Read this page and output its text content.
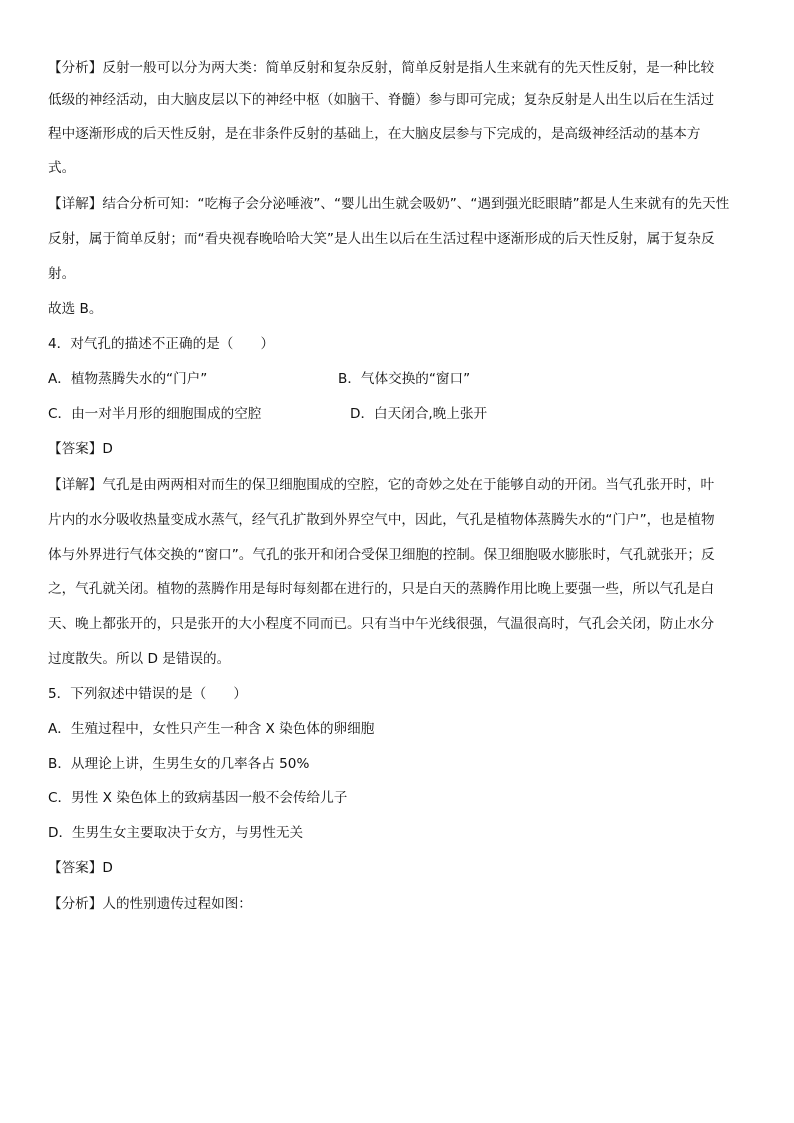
【分析】反射一般可以分为两大类：简单反射和复杂反射，简单反射是指人生来就有的先天性反射，是一种比较
低级的神经活动，由大脑皮层以下的神经中枢（如脑干、脊髓）参与即可完成；复杂反射是人出生以后在生活过
程中逐渐形成的后天性反射，是在非条件反射的基础上，在大脑皮层参与下完成的，是高级神经活动的基本方
式。
【详解】结合分析可知：“吃梅子会分泌唾液”、“婴儿出生就会吸奶”、“遇到强光眨眼睛”都是人生来就有的先天性
反射，属于简单反射；而“看央视春晚哈哈大笑”是人出生以后在生活过程中逐渐形成的后天性反射，属于复杂反
射。
故选 B。
4．对气孔的描述不正确的是（　　）
A．植物蒸腾失水的“门户”	B．气体交换的“窗口”
C．由一对半月形的细胞围成的空腔	D．白天闭合,晚上张开
【答案】D
【详解】气孔是由两两相对而生的保卫细胞围成的空腔，它的奇妙之处在于能够自动的开闭。当气孔张开时，叶
片内的水分吸收热量变成水蒸气，经气孔扩散到外界空气中，因此，气孔是植物体蒸腾失水的“门户”，也是植物
体与外界进行气体交换的“窗口”。气孔的张开和闭合受保卫细胞的控制。保卫细胞吸水膨胀时，气孔就张开；反
之，气孔就关闭。植物的蒸腾作用是每时每刻都在进行的，只是白天的蒸腾作用比晚上要强一些，所以气孔是白
天、晚上都张开的，只是张开的大小程度不同而已。只有当中午光线很强，气温很高时，气孔会关闭，防止水分
过度散失。所以 D 是错误的。
5．下列叙述中错误的是（　　）
A．生殖过程中，女性只产生一种含 X 染色体的卵细胞
B．从理论上讲，生男生女的几率各占 50%
C．男性 X 染色体上的致病基因一般不会传给儿子
D．生男生女主要取决于女方，与男性无关
【答案】D
【分析】人的性别遗传过程如图：
